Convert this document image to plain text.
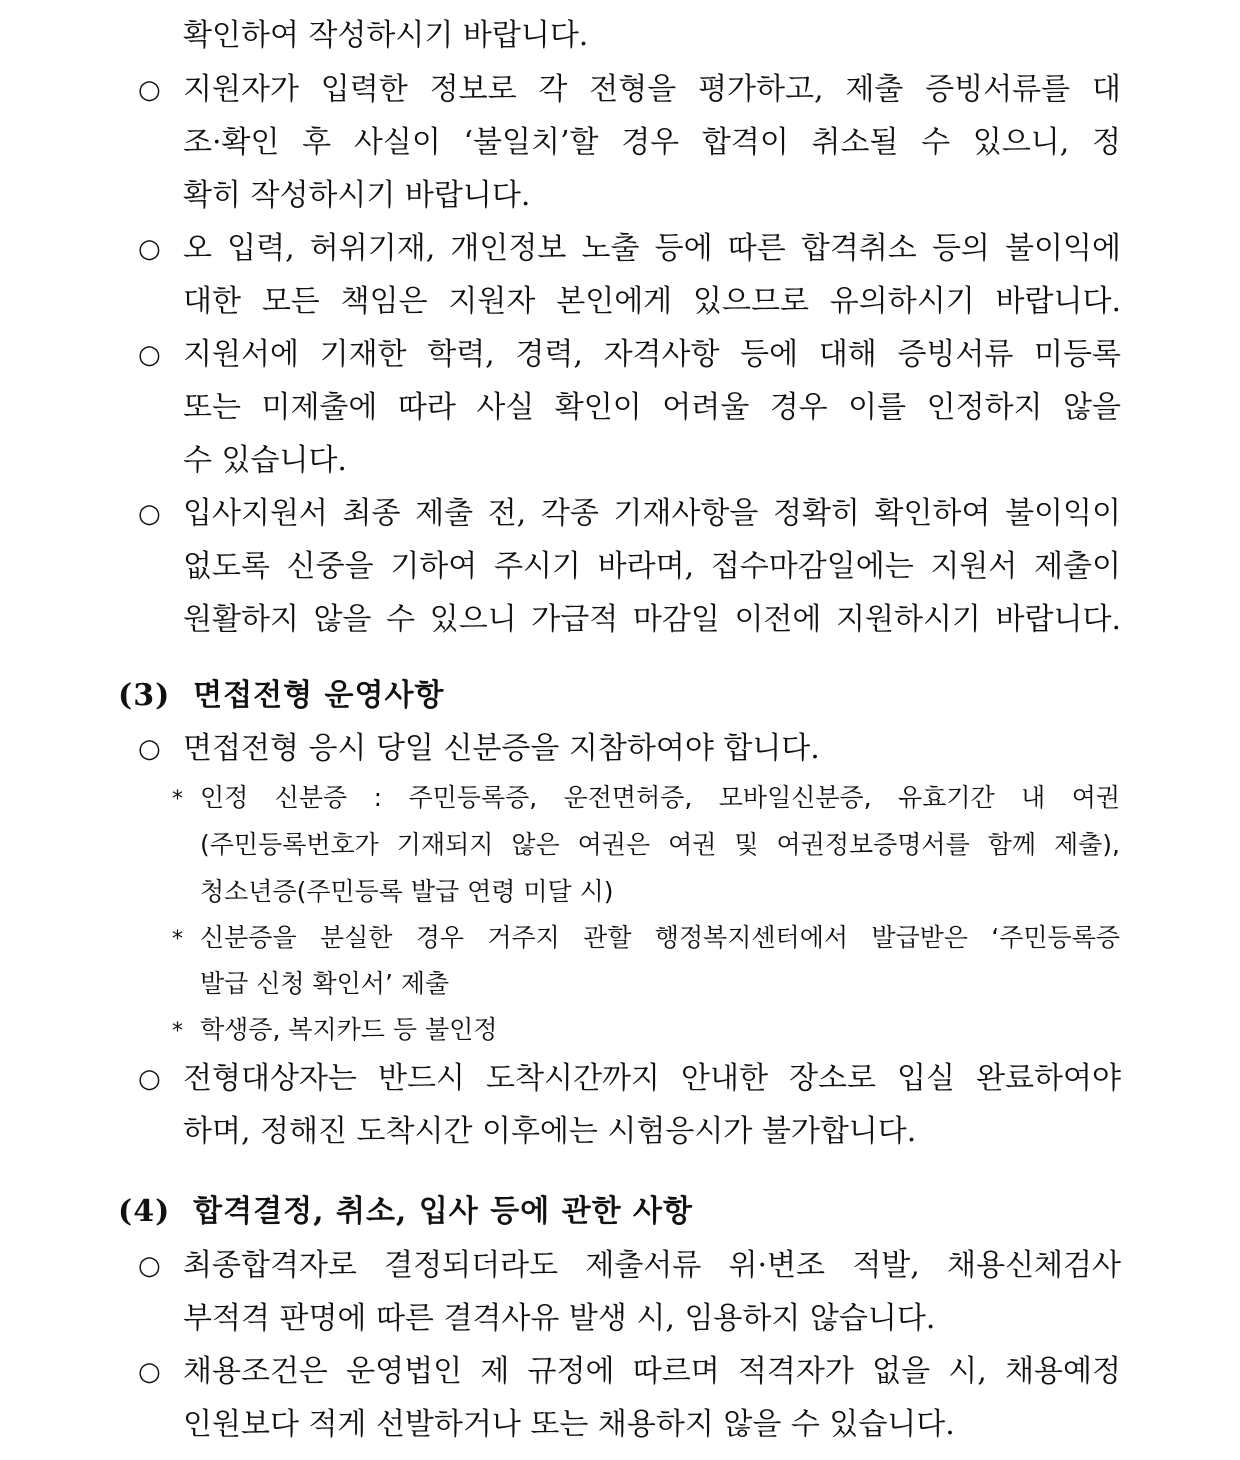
확인하여 작성하시기 바랍니다.
○ 지원자가 입력한 정보로 각 전형을 평가하고, 제출 증빙서류를 대
조·확인 후 사실이 ‘불일치’할 경우 합격이 취소될 수 있으니, 정
확히 작성하시기 바랍니다.
○ 오 입력, 허위기재, 개인정보 노출 등에 따른 합격취소 등의 불이익에
대한 모든 책임은 지원자 본인에게 있으므로 유의하시기 바랍니다.
○ 지원서에 기재한 학력, 경력, 자격사항 등에 대해 증빙서류 미등록
또는 미제출에 따라 사실 확인이 어려울 경우 이를 인정하지 않을
수 있습니다.
○ 입사지원서 최종 제출 전, 각종 기재사항을 정확히 확인하여 불이익이
없도록 신중을 기하여 주시기 바라며, 접수마감일에는 지원서 제출이
원활하지 않을 수 있으니 가급적 마감일 이전에 지원하시기 바랍니다.
(3) 면접전형 운영사항
○ 면접전형 응시 당일 신분증을 지참하여야 합니다.
* 인정 신분증 : 주민등록증, 운전면허증, 모바일신분증, 유효기간 내 여권
(주민등록번호가 기재되지 않은 여권은 여권 및 여권정보증명서를 함께 제출),
청소년증(주민등록 발급 연령 미달 시)
* 신분증을 분실한 경우 거주지 관할 행정복지센터에서 발급받은 ‘주민등록증
발급 신청 확인서’ 제출
* 학생증, 복지카드 등 불인정
○ 전형대상자는 반드시 도착시간까지 안내한 장소로 입실 완료하여야
하며, 정해진 도착시간 이후에는 시험응시가 불가합니다.
(4) 합격결정, 취소, 입사 등에 관한 사항
○ 최종합격자로 결정되더라도 제출서류 위·변조 적발, 채용신체검사
부적격 판명에 따른 결격사유 발생 시, 임용하지 않습니다.
○ 채용조건은 운영법인 제 규정에 따르며 적격자가 없을 시, 채용예정
인원보다 적게 선발하거나 또는 채용하지 않을 수 있습니다.
